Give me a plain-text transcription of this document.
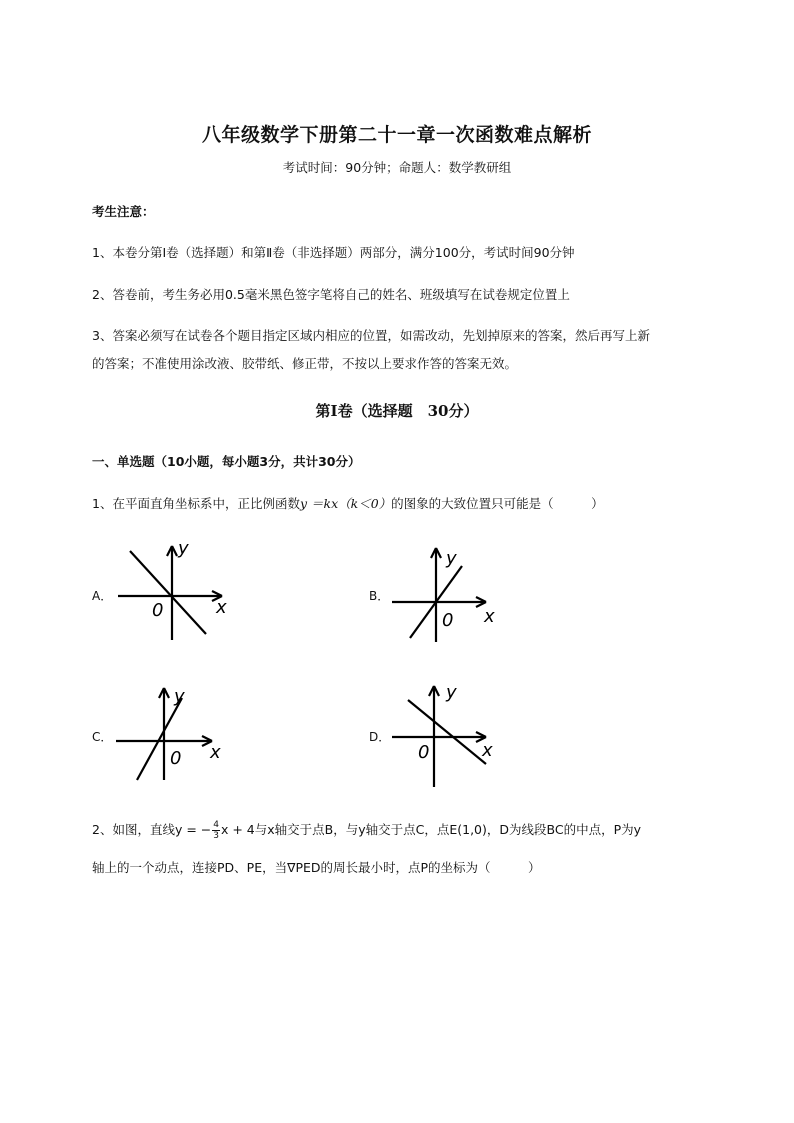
八年级数学下册第二十一章一次函数难点解析
考试时间：90分钟；命题人：数学教研组
考生注意：
1、本卷分第I卷（选择题）和第Ⅱ卷（非选择题）两部分，满分100分，考试时间90分钟
2、答卷前，考生务必用0.5毫米黑色签字笔将自己的姓名、班级填写在试卷规定位置上
3、答案必须写在试卷各个题目指定区域内相应的位置，如需改动，先划掉原来的答案，然后再写上新
的答案；不准使用涂改液、胶带纸、修正带，不按以上要求作答的答案无效。
第I卷（选择题　30分）
一、单选题（10小题，每小题3分，共计30分）
1、在平面直角坐标系中，正比例函数y ＝kx（k＜0）的图象的大致位置只可能是（　　　）
A．
x
y
0
B．
x
y
0
C．
x
y
0
D．
x
y
0
2、如图，直线y = − $\frac{4}{3}$ x + 4与x轴交于点B，与y轴交于点C，点E(1,0)，D为线段BC的中点，P为y
轴上的一个动点，连接PD、PE，当∇PED的周长最小时，点P的坐标为（　　　）
